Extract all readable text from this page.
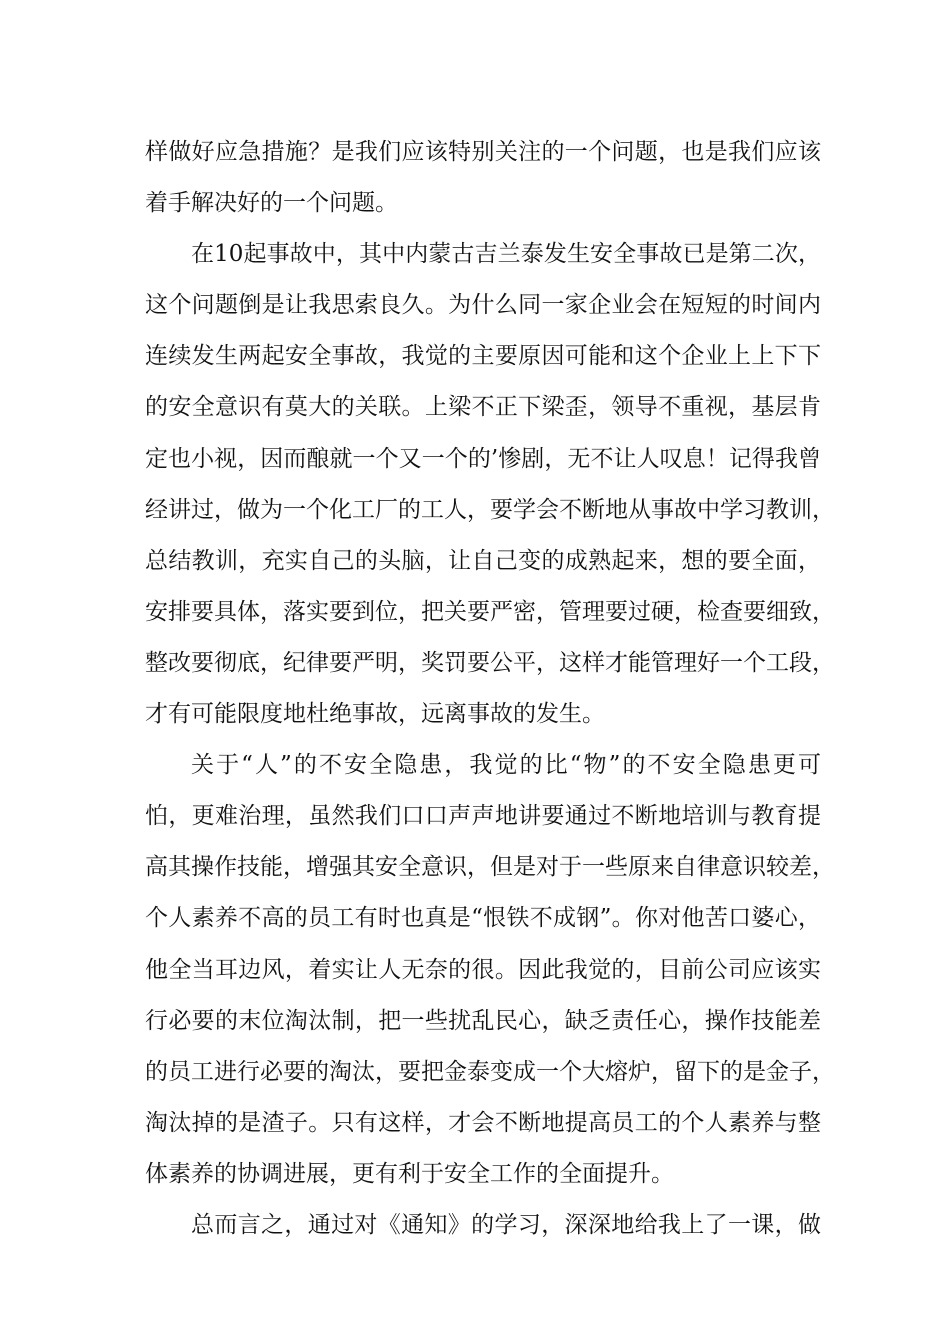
样做好应急措施？是我们应该特别关注的一个问题，也是我们应该
着手解决好的一个问题。
在10起事故中，其中内蒙古吉兰泰发生安全事故已是第二次，
这个问题倒是让我思索良久。为什么同一家企业会在短短的时间内
连续发生两起安全事故，我觉的主要原因可能和这个企业上上下下
的安全意识有莫大的关联。上梁不正下梁歪，领导不重视，基层肯
定也小视，因而酿就一个又一个的’惨剧，无不让人叹息！记得我曾
经讲过，做为一个化工厂的工人，要学会不断地从事故中学习教训，
总结教训，充实自己的头脑，让自己变的成熟起来，想的要全面，
安排要具体，落实要到位，把关要严密，管理要过硬，检查要细致，
整改要彻底，纪律要严明，奖罚要公平，这样才能管理好一个工段，
才有可能限度地杜绝事故，远离事故的发生。
关于“人”的不安全隐患，我觉的比“物”的不安全隐患更可
怕，更难治理，虽然我们口口声声地讲要通过不断地培训与教育提
高其操作技能，增强其安全意识，但是对于一些原来自律意识较差，
个人素养不高的员工有时也真是“恨铁不成钢”。你对他苦口婆心，
他全当耳边风，着实让人无奈的很。因此我觉的，目前公司应该实
行必要的末位淘汰制，把一些扰乱民心，缺乏责任心，操作技能差
的员工进行必要的淘汰，要把金泰变成一个大熔炉，留下的是金子，
淘汰掉的是渣子。只有这样，才会不断地提高员工的个人素养与整
体素养的协调进展，更有利于安全工作的全面提升。
总而言之，通过对《通知》的学习，深深地给我上了一课，做
